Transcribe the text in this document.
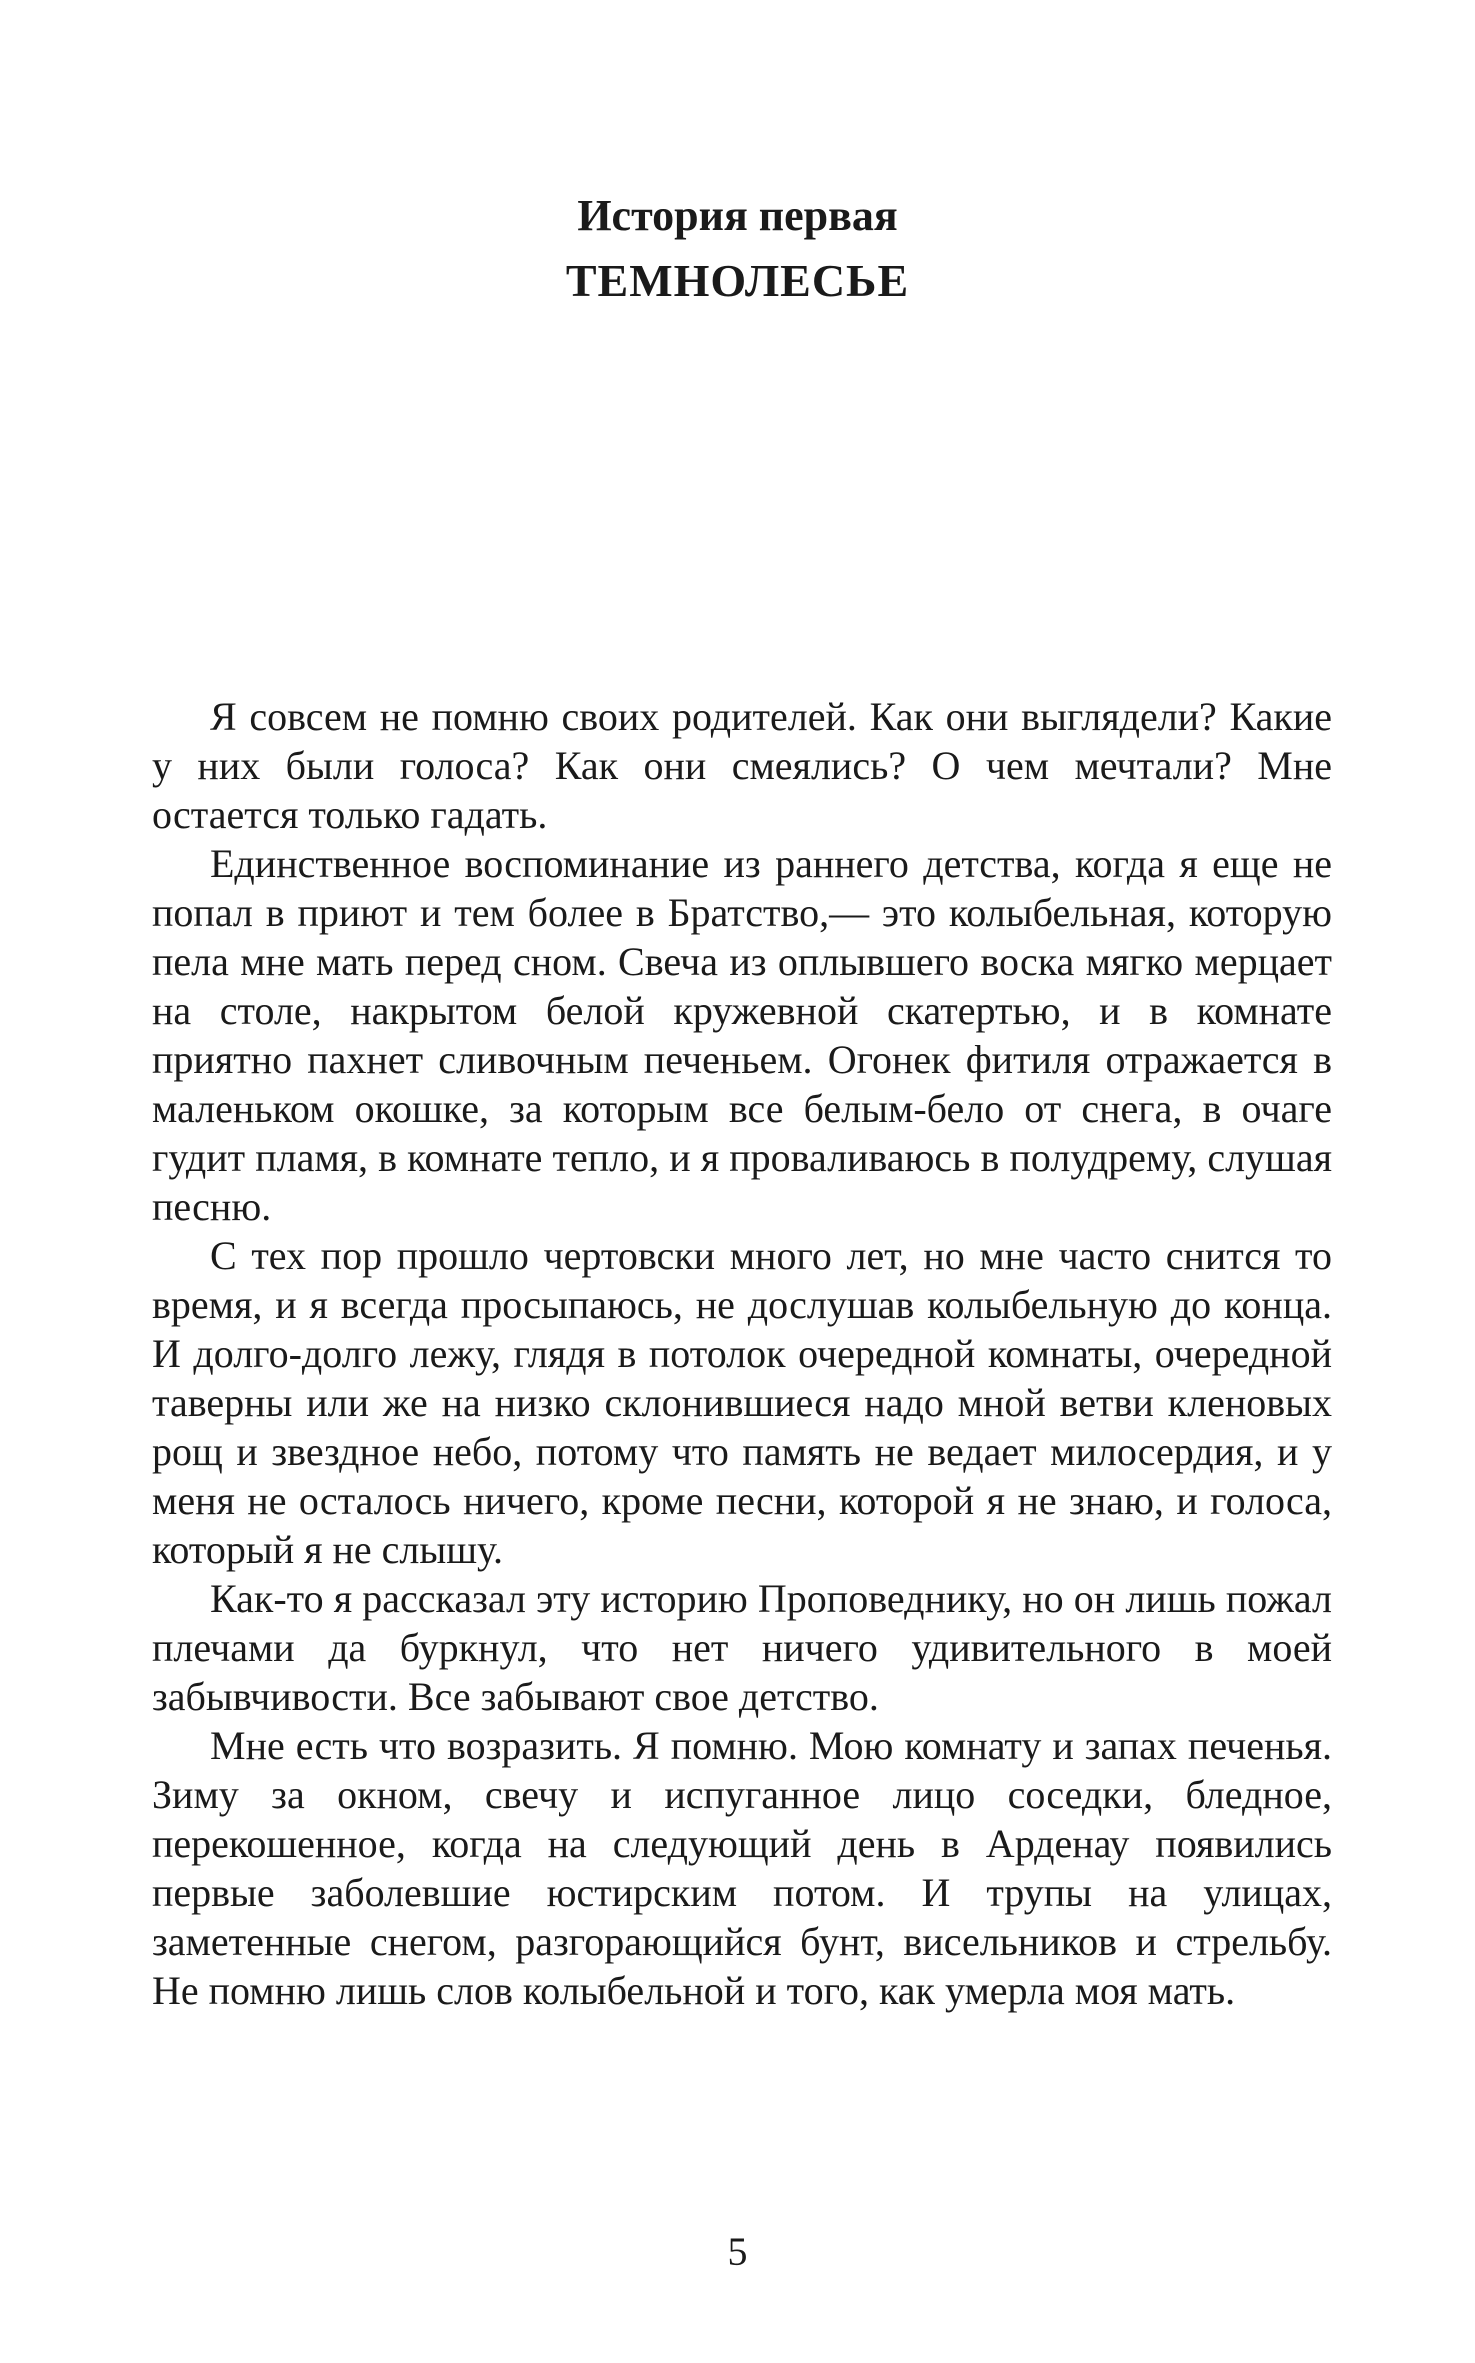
История первая
ТЕМНОЛЕСЬЕ

Я совсем не помню своих родителей. Как они выглядели? Какие у них были голоса? Как они смеялись? О чем мечтали? Мне остается только гадать.

Единственное воспоминание из раннего детства, когда я еще не попал в приют и тем более в Братство,— это колыбельная, которую пела мне мать перед сном. Свеча из оплывшего воска мягко мерцает на столе, накрытом белой кружевной скатертью, и в комнате приятно пахнет сливочным печеньем. Огонек фитиля отражается в маленьком окошке, за которым все белым-бело от снега, в очаге гудит пламя, в комнате тепло, и я проваливаюсь в полудрему, слушая песню.

С тех пор прошло чертовски много лет, но мне часто снится то время, и я всегда просыпаюсь, не дослушав колыбельную до конца. И долго-долго лежу, глядя в потолок очередной комнаты, очередной таверны или же на низко склонившиеся надо мной ветви кленовых рощ и звездное небо, потому что память не ведает милосердия, и у меня не осталось ничего, кроме песни, которой я не знаю, и голоса, который я не слышу.

Как-то я рассказал эту историю Проповеднику, но он лишь пожал плечами да буркнул, что нет ничего удивительного в моей забывчивости. Все забывают свое детство.

Мне есть что возразить. Я помню. Мою комнату и запах печенья. Зиму за окном, свечу и испуганное лицо соседки, бледное, перекошенное, когда на следующий день в Арденау появились первые заболевшие юстирским потом. И трупы на улицах, заметенные снегом, разгорающийся бунт, висельников и стрельбу. Не помню лишь слов колыбельной и того, как умерла моя мать.

5
